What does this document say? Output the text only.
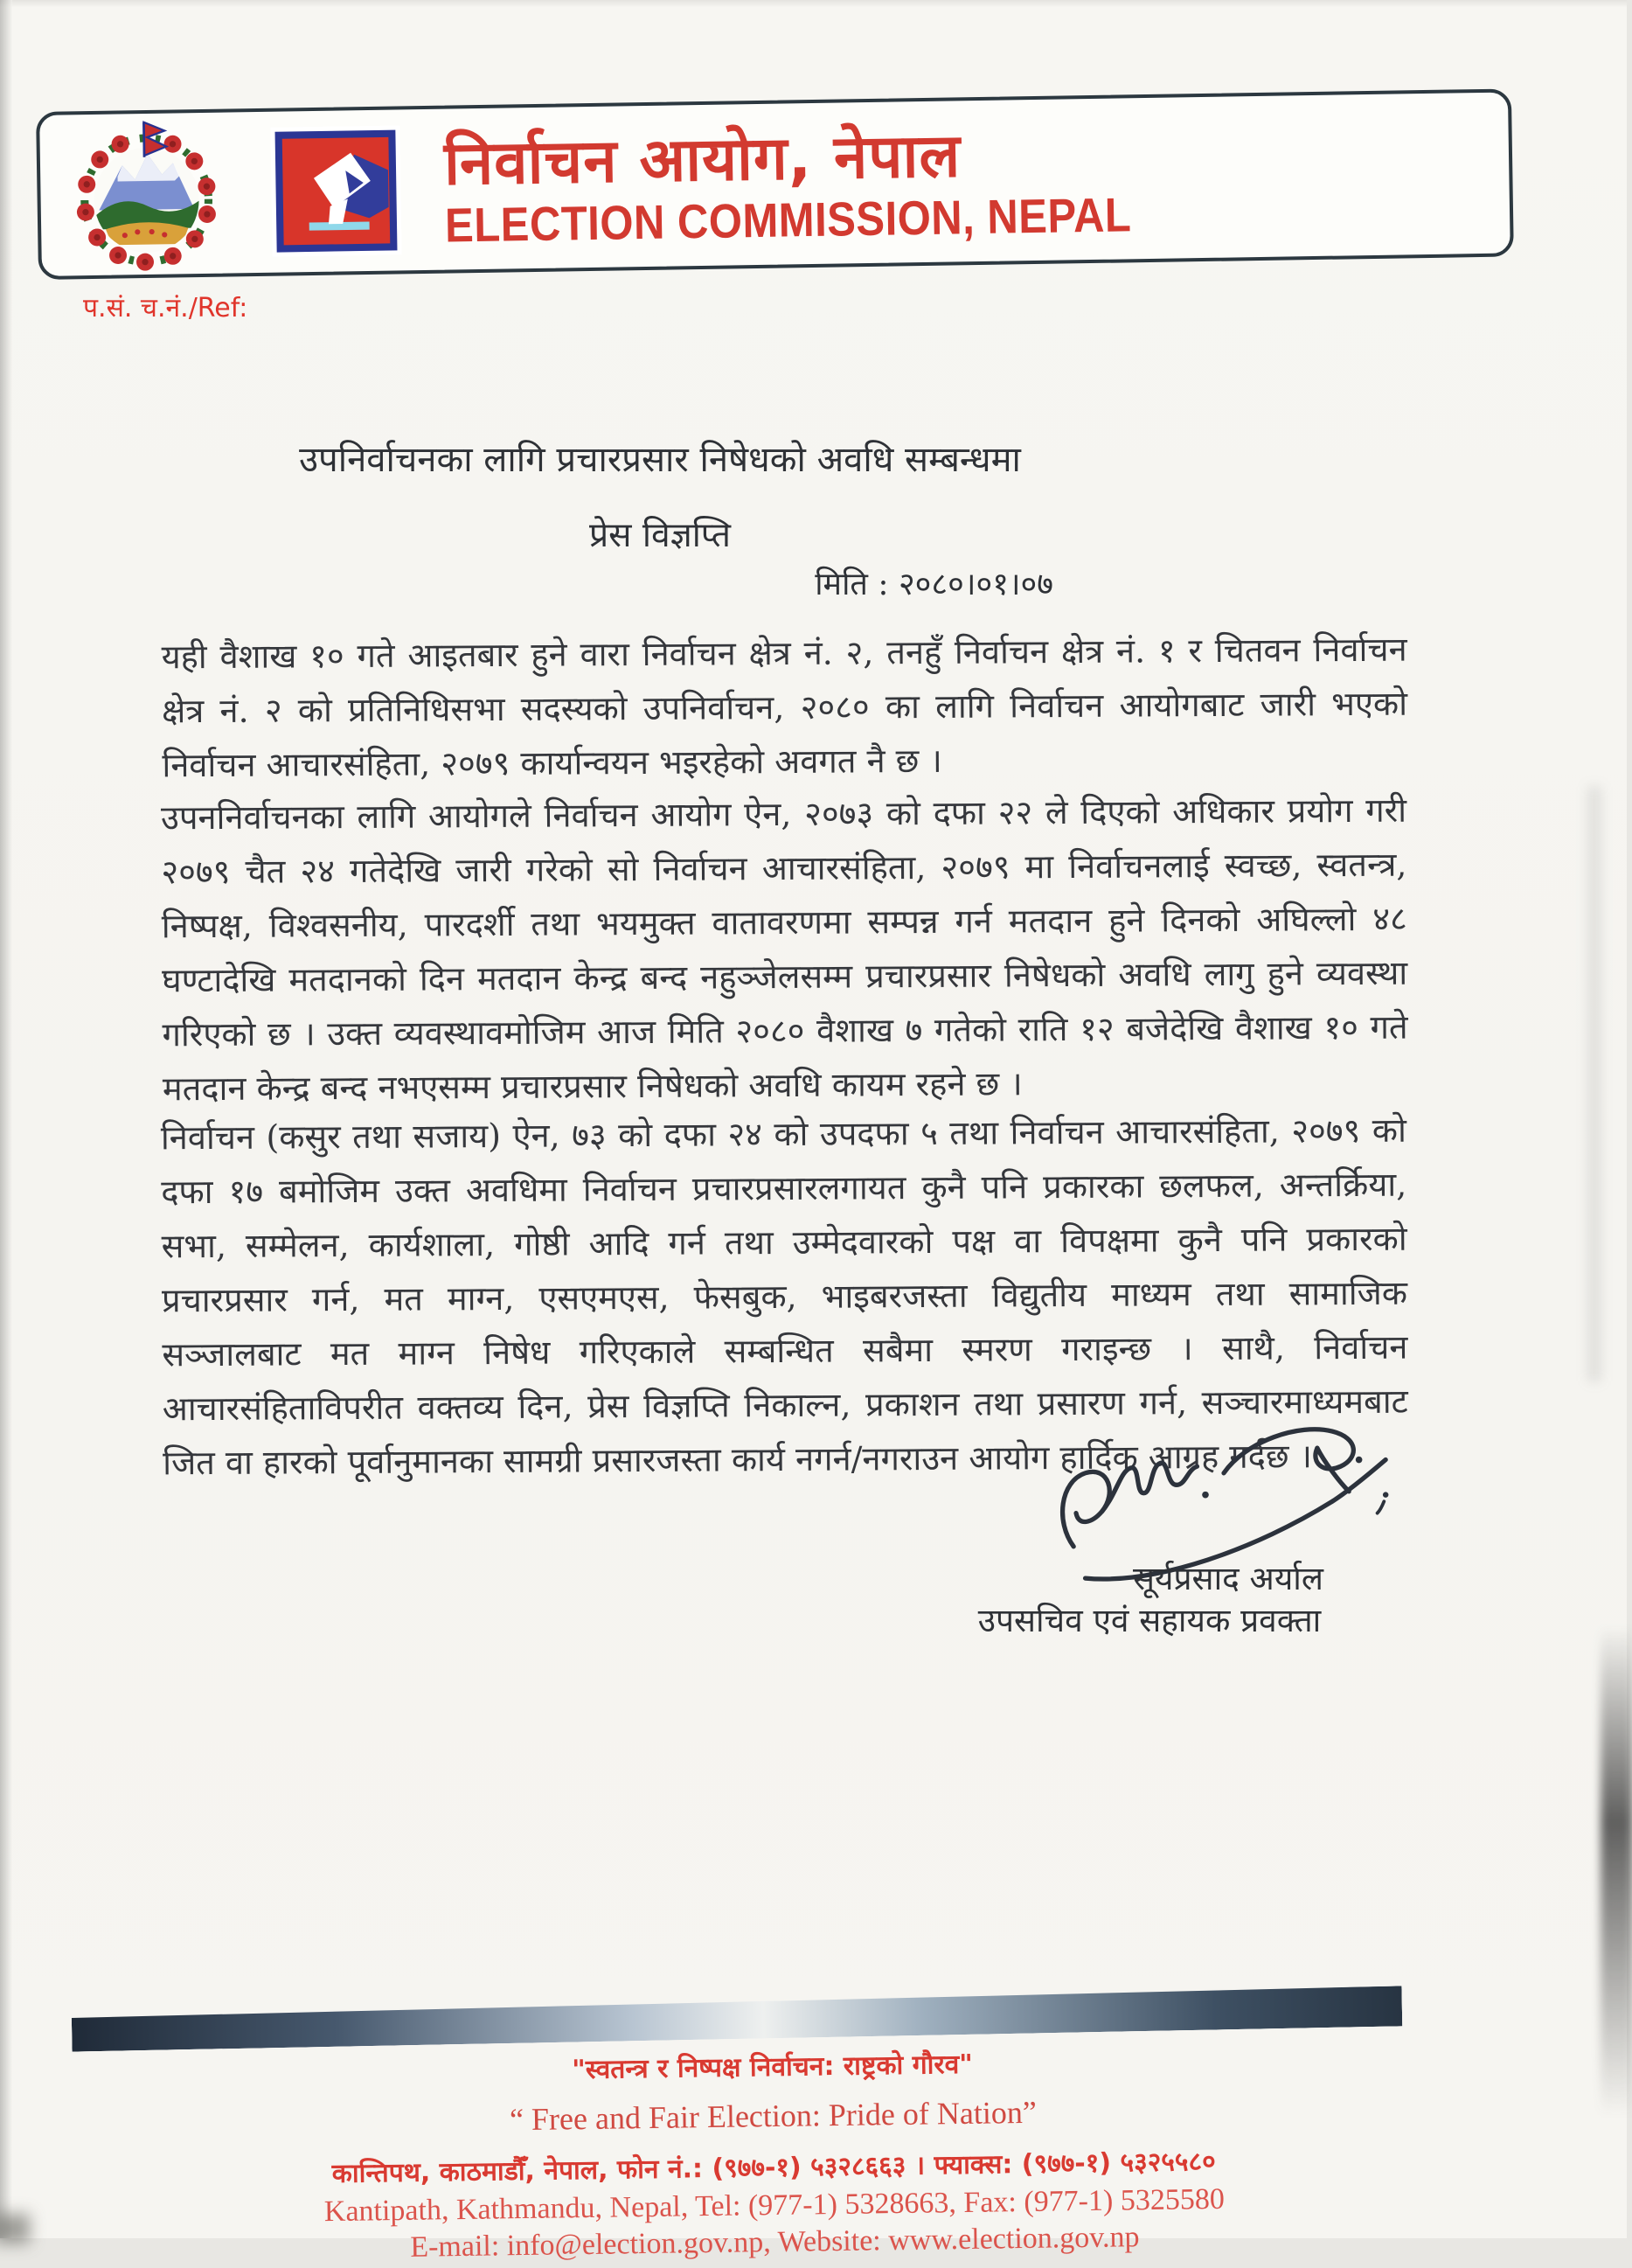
निर्वाचन आयोग, नेपाल
ELECTION COMMISSION, NEPAL
प.सं. च.नं./Ref:
उपनिर्वाचनका लागि प्रचारप्रसार निषेधको अवधि सम्बन्धमा
प्रेस विज्ञप्ति
मिति : २०८०।०१।०७
यही वैशाख १० गते आइतबार हुने वारा निर्वाचन क्षेत्र नं. २, तनहुँ निर्वाचन क्षेत्र नं. १ र चितवन निर्वाचन क्षेत्र नं. २ को प्रतिनिधिसभा सदस्यको उपनिर्वाचन, २०८० का लागि निर्वाचन आयोगबाट जारी भएको निर्वाचन आचारसंहिता, २०७९ कार्यान्वयन भइरहेको अवगत नै छ ।
उपननिर्वाचनका लागि आयोगले निर्वाचन आयोग ऐन, २०७३ को दफा २२ ले दिएको अधिकार प्रयोग गरी २०७९ चैत २४ गतेदेखि जारी गरेको सो निर्वाचन आचारसंहिता, २०७९ मा निर्वाचनलाई स्वच्छ, स्वतन्त्र, निष्पक्ष, विश्वसनीय, पारदर्शी तथा भयमुक्त वातावरणमा सम्पन्न गर्न मतदान हुने दिनको अघिल्लो ४८ घण्टादेखि मतदानको दिन मतदान केन्द्र बन्द नहुञ्जेलसम्म प्रचारप्रसार निषेधको अवधि लागु हुने व्यवस्था गरिएको छ । उक्त व्यवस्थावमोजिम आज मिति २०८० वैशाख ७ गतेको राति १२ बजेदेखि वैशाख १० गते मतदान केन्द्र बन्द नभएसम्म प्रचारप्रसार निषेधको अवधि कायम रहने छ ।
निर्वाचन (कसुर तथा सजाय) ऐन, ७३ को दफा २४ को उपदफा ५ तथा निर्वाचन आचारसंहिता, २०७९ को दफा १७ बमोजिम उक्त अवधिमा निर्वाचन प्रचारप्रसारलगायत कुनै पनि प्रकारका छलफल, अन्तर्क्रिया, सभा, सम्मेलन, कार्यशाला, गोष्ठी आदि गर्न तथा उम्मेदवारको पक्ष वा विपक्षमा कुनै पनि प्रकारको प्रचारप्रसार गर्न, मत माग्न, एसएमएस, फेसबुक, भाइबरजस्ता विद्युतीय माध्यम तथा सामाजिक सञ्जालबाट मत माग्न निषेध गरिएकाले सम्बन्धित सबैमा स्मरण गराइन्छ । साथै, निर्वाचन आचारसंहिताविपरीत वक्तव्य दिन, प्रेस विज्ञप्ति निकाल्न, प्रकाशन तथा प्रसारण गर्न, सञ्चारमाध्यमबाट जित वा हारको पूर्वानुमानका सामग्री प्रसारजस्ता कार्य नगर्न/नगराउन आयोग हार्दिक आग्रह गर्दछ ।
सूर्यप्रसाद अर्याल
उपसचिव एवं सहायक प्रवक्ता
"स्वतन्त्र र निष्पक्ष निर्वाचन: राष्ट्रको गौरव"
“ Free and Fair Election: Pride of Nation”
कान्तिपथ, काठमाडौँ, नेपाल, फोन नं.: (९७७-१) ५३२८६६३ । फ्याक्स: (९७७-१) ५३२५५८०
Kantipath, Kathmandu, Nepal, Tel: (977-1) 5328663, Fax: (977-1) 5325580
E-mail: info@election.gov.np, Website: www.election.gov.np
